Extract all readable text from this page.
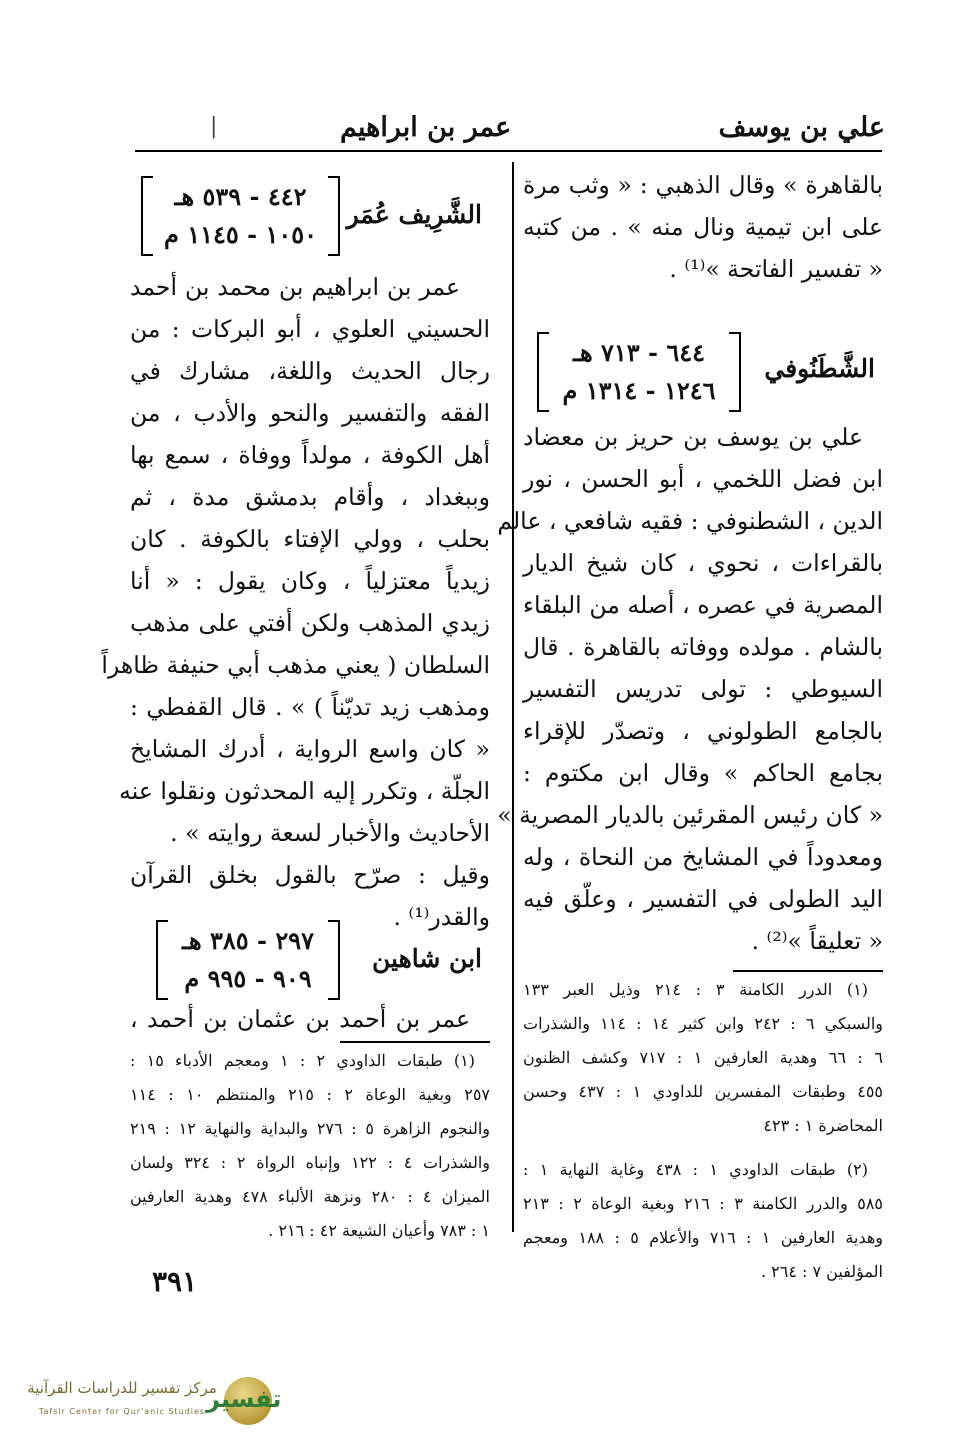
علي بن يوسف
عمر بن ابراهيم
|
بالقاهرة » وقال الذهبي : « وثب مرة
على ابن تيمية ونال منه » . من كتبه
« تفسير الفاتحة »⁽¹⁾ .
الشَّطَنُوفي
٦٤٤ - ٧١٣ هـ
١٢٤٦ - ١٣١٤ م
علي بن يوسف بن حريز بن معضاد
ابن فضل اللخمي ، أبو الحسن ، نور
الدين ، الشطنوفي : فقيه شافعي ، عالم
بالقراءات ، نحوي ، كان شيخ الديار
المصرية في عصره ، أصله من البلقاء
بالشام . مولده ووفاته بالقاهرة . قال
السيوطي : تولى تدريس التفسير
بالجامع الطولوني ، وتصدّر للإقراء
بجامع الحاكم » وقال ابن مكتوم :
« كان رئيس المقرئين بالديار المصرية »
ومعدوداً في المشايخ من النحاة ، وله
اليد الطولى في التفسير ، وعلّق فيه
« تعليقاً »⁽²⁾ .
(١) الدرر الكامنة ٣ : ٢١٤ وذيل العبر ١٣٣
والسبكي ٦ : ٢٤٢ وابن كثير ١٤ : ١١٤ والشذرات
٦ : ٦٦ وهدية العارفين ١ : ٧١٧ وكشف الظنون
٤٥٥ وطبقات المفسرين للداودي ١ : ٤٣٧ وحسن
المحاضرة ١ : ٤٢٣
(٢) طبقات الداودي ١ : ٤٣٨ وغاية النهاية ١ :
٥٨٥ والدرر الكامنة ٣ : ٢١٦ وبغية الوعاة ٢ : ٢١٣
وهدية العارفين ١ : ٧١٦ والأعلام ٥ : ١٨٨ ومعجم
المؤلفين ٧ : ٢٦٤ .
الشَّرِيف عُمَر
٤٤٢ - ٥٣٩ هـ
١٠٥٠ - ١١٤٥ م
عمر بن ابراهيم بن محمد بن أحمد
الحسيني العلوي ، أبو البركات : من
رجال الحديث واللغة، مشارك في
الفقه والتفسير والنحو والأدب ، من
أهل الكوفة ، مولداً ووفاة ، سمع بها
وببغداد ، وأقام بدمشق مدة ، ثم
بحلب ، وولي الإفتاء بالكوفة . كان
زيدياً معتزلياً ، وكان يقول : « أنا
زيدي المذهب ولكن أفتي على مذهب
السلطان ( يعني مذهب أبي حنيفة ظاهراً
ومذهب زيد تديّناً ) » . قال القفطي :
« كان واسع الرواية ، أدرك المشايخ
الجلّة ، وتكرر إليه المحدثون ونقلوا عنه
الأحاديث والأخبار لسعة روايته » .
وقيل : صرّح بالقول بخلق القرآن
والقدر⁽¹⁾ .
ابن شاهين
٢٩٧ - ٣٨٥ هـ
٩٠٩ - ٩٩٥ م
عمر بن أحمد بن عثمان بن أحمد ،
(١) طبقات الداودي ٢ : ١ ومعجم الأدباء ١٥ :
٢٥٧ وبغية الوعاة ٢ : ٢١٥ والمنتظم ١٠ : ١١٤
والنجوم الزاهرة ٥ : ٢٧٦ والبداية والنهاية ١٢ : ٢١٩
والشذرات ٤ : ١٢٢ وإنباه الرواة ٢ : ٣٢٤ ولسان
الميزان ٤ : ٢٨٠ ونزهة الألباء ٤٧٨ وهدية العارفين
١ : ٧٨٣ وأعيان الشيعة ٤٢ : ٢١٦ .
٣٩١
تفسير
مركز تفسير للدراسات القرآنية
Tafsir Center for Qur'anic Studies
